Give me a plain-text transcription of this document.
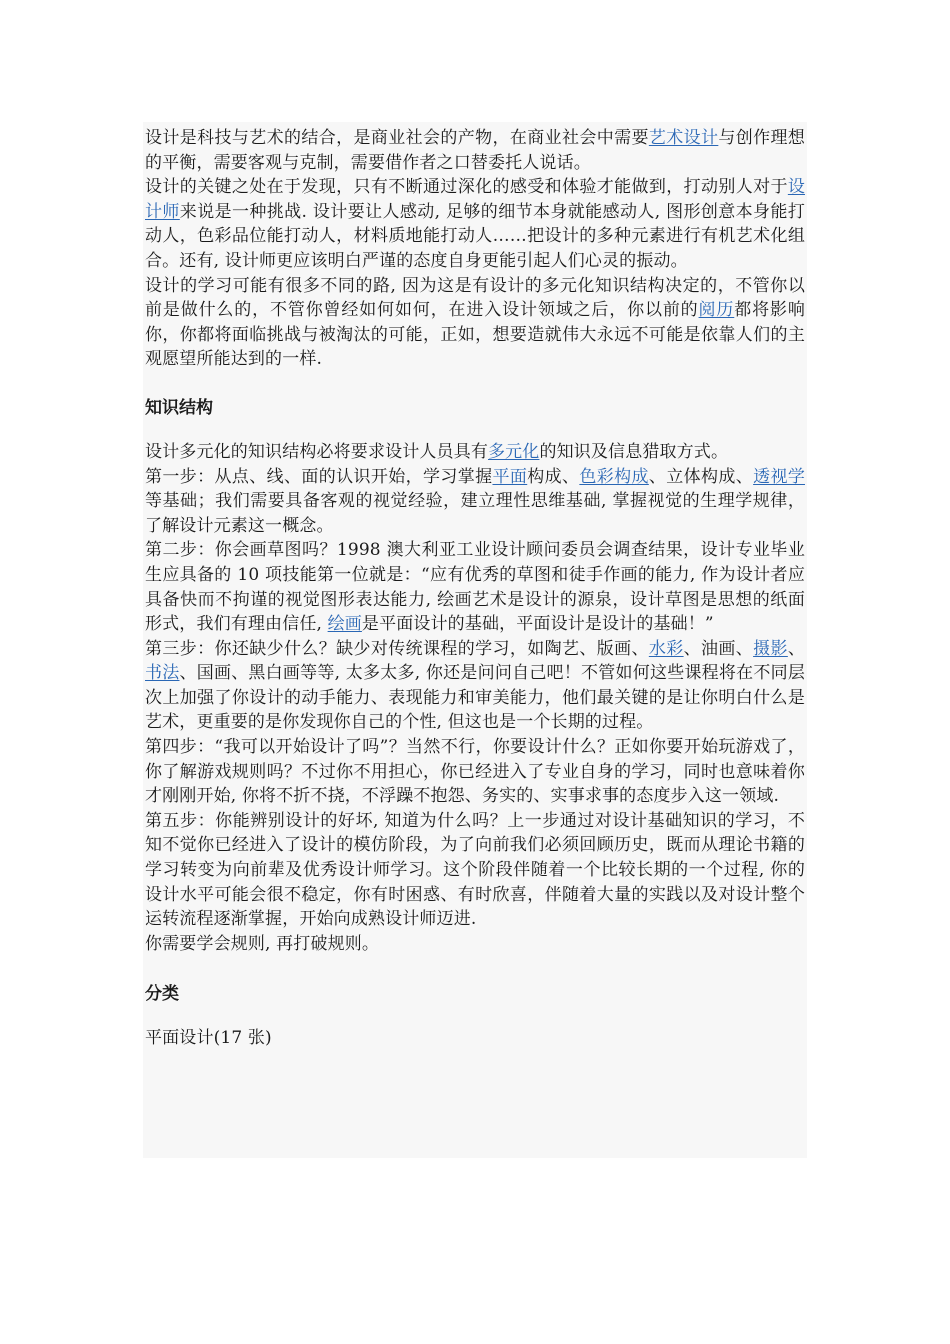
设计是科技与艺术的结合，是商业社会的产物，在商业社会中需要艺术设计与创作理想的平衡，需要客观与克制，需要借作者之口替委托人说话。

设计的关键之处在于发现，只有不断通过深化的感受和体验才能做到，打动别人对于设计师来说是一种挑战. 设计要让人感动, 足够的细节本身就能感动人, 图形创意本身能打动人，色彩品位能打动人，材料质地能打动人……把设计的多种元素进行有机艺术化组合。还有, 设计师更应该明白严谨的态度自身更能引起人们心灵的振动。

设计的学习可能有很多不同的路, 因为这是有设计的多元化知识结构决定的，不管你以前是做什么的，不管你曾经如何如何，在进入设计领域之后，你以前的阅历都将影响你，你都将面临挑战与被淘汰的可能，正如，想要造就伟大永远不可能是依靠人们的主观愿望所能达到的一样.

知识结构

设计多元化的知识结构必将要求设计人员具有多元化的知识及信息猎取方式。

第一步：从点、线、面的认识开始，学习掌握平面构成、色彩构成、立体构成、透视学等基础；我们需要具备客观的视觉经验，建立理性思维基础, 掌握视觉的生理学规律，了解设计元素这一概念。

第二步：你会画草图吗？1998 澳大利亚工业设计顾问委员会调查结果，设计专业毕业生应具备的 10 项技能第一位就是：“应有优秀的草图和徒手作画的能力, 作为设计者应具备快而不拘谨的视觉图形表达能力, 绘画艺术是设计的源泉，设计草图是思想的纸面形式，我们有理由信任, 绘画是平面设计的基础，平面设计是设计的基础！”

第三步：你还缺少什么？缺少对传统课程的学习，如陶艺、版画、水彩、油画、摄影、书法、国画、黑白画等等, 太多太多, 你还是问问自己吧！不管如何这些课程将在不同层次上加强了你设计的动手能力、表现能力和审美能力，他们最关键的是让你明白什么是艺术，更重要的是你发现你自己的个性, 但这也是一个长期的过程。

第四步：“我可以开始设计了吗”？当然不行，你要设计什么？正如你要开始玩游戏了，你了解游戏规则吗？不过你不用担心，你已经进入了专业自身的学习，同时也意味着你才刚刚开始, 你将不折不挠，不浮躁不抱怨、务实的、实事求事的态度步入这一领域.

第五步：你能辨别设计的好坏, 知道为什么吗？上一步通过对设计基础知识的学习，不知不觉你已经进入了设计的模仿阶段，为了向前我们必须回顾历史，既而从理论书籍的学习转变为向前辈及优秀设计师学习。这个阶段伴随着一个比较长期的一个过程, 你的设计水平可能会很不稳定，你有时困惑、有时欣喜，伴随着大量的实践以及对设计整个运转流程逐渐掌握，开始向成熟设计师迈进.

你需要学会规则, 再打破规则。

分类

平面设计(17 张)
